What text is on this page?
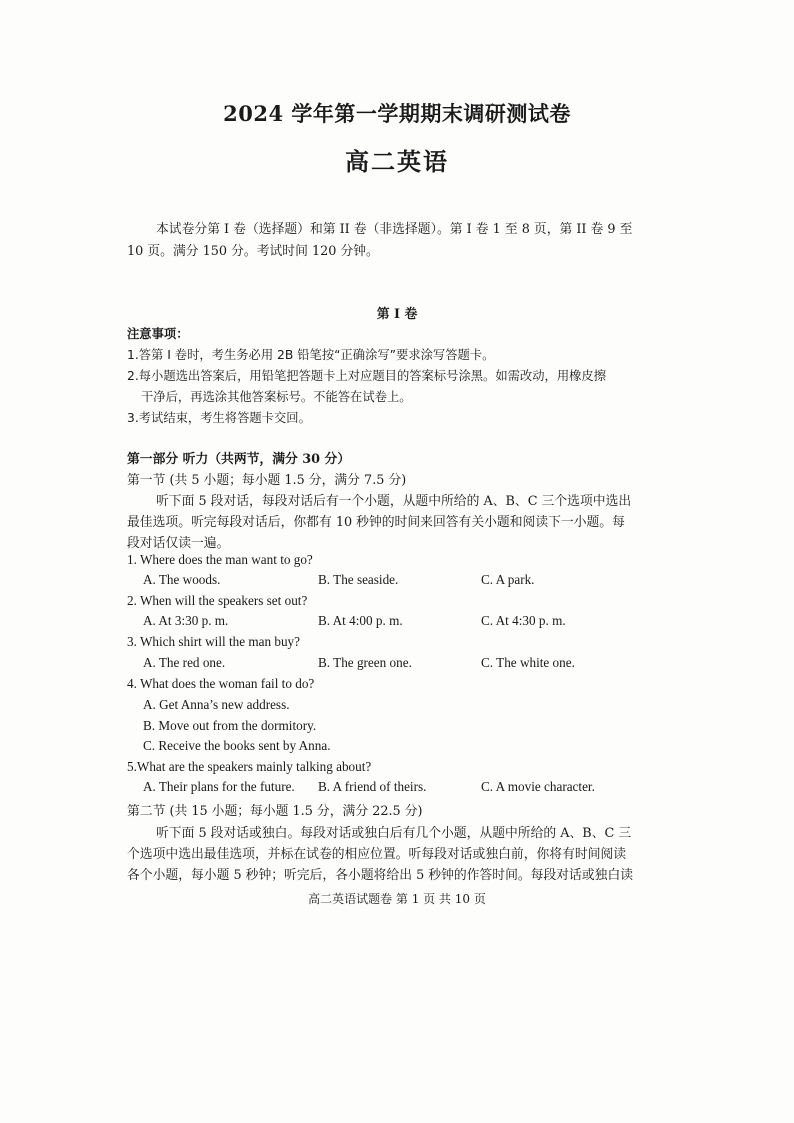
2024 学年第一学期期末调研测试卷
高二英语
本试卷分第 I 卷（选择题）和第 II 卷（非选择题）。第 I 卷 1 至 8 页，第 II 卷 9 至
10 页。满分 150 分。考试时间 120 分钟。
第 I 卷
注意事项：
1.答第 I 卷时，考生务必用 2B 铅笔按“正确涂写”要求涂写答题卡。
2.每小题选出答案后，用铅笔把答题卡上对应题目的答案标号涂黑。如需改动，用橡皮擦
干净后，再选涂其他答案标号。不能答在试卷上。
3.考试结束，考生将答题卡交回。
第一部分 听力（共两节，满分 30 分）
第一节 (共 5 小题；每小题 1.5 分，满分 7.5 分)
听下面 5 段对话，每段对话后有一个小题，从题中所给的 A、B、C 三个选项中选出
最佳选项。听完每段对话后，你都有 10 秒钟的时间来回答有关小题和阅读下一小题。每
段对话仅读一遍。
1. Where does the man want to go?
A. The woods.	B. The seaside.	C. A park.
2. When will the speakers set out?
A. At 3:30 p. m.	B. At 4:00 p. m.	C. At 4:30 p. m.
3. Which shirt will the man buy?
A. The red one.	B. The green one.	C. The white one.
4. What does the woman fail to do?
A. Get Anna’s new address.
B. Move out from the dormitory.
C. Receive the books sent by Anna.
5.What are the speakers mainly talking about?
A. Their plans for the future. B. A friend of theirs.	C. A movie character.
第二节 (共 15 小题；每小题 1.5 分，满分 22.5 分)
听下面 5 段对话或独白。每段对话或独白后有几个小题，从题中所给的 A、B、C 三
个选项中选出最佳选项，并标在试卷的相应位置。听每段对话或独白前，你将有时间阅读
各个小题，每小题 5 秒钟；听完后，各小题将给出 5 秒钟的作答时间。每段对话或独白读
高二英语试题卷 第 1 页 共 10 页
